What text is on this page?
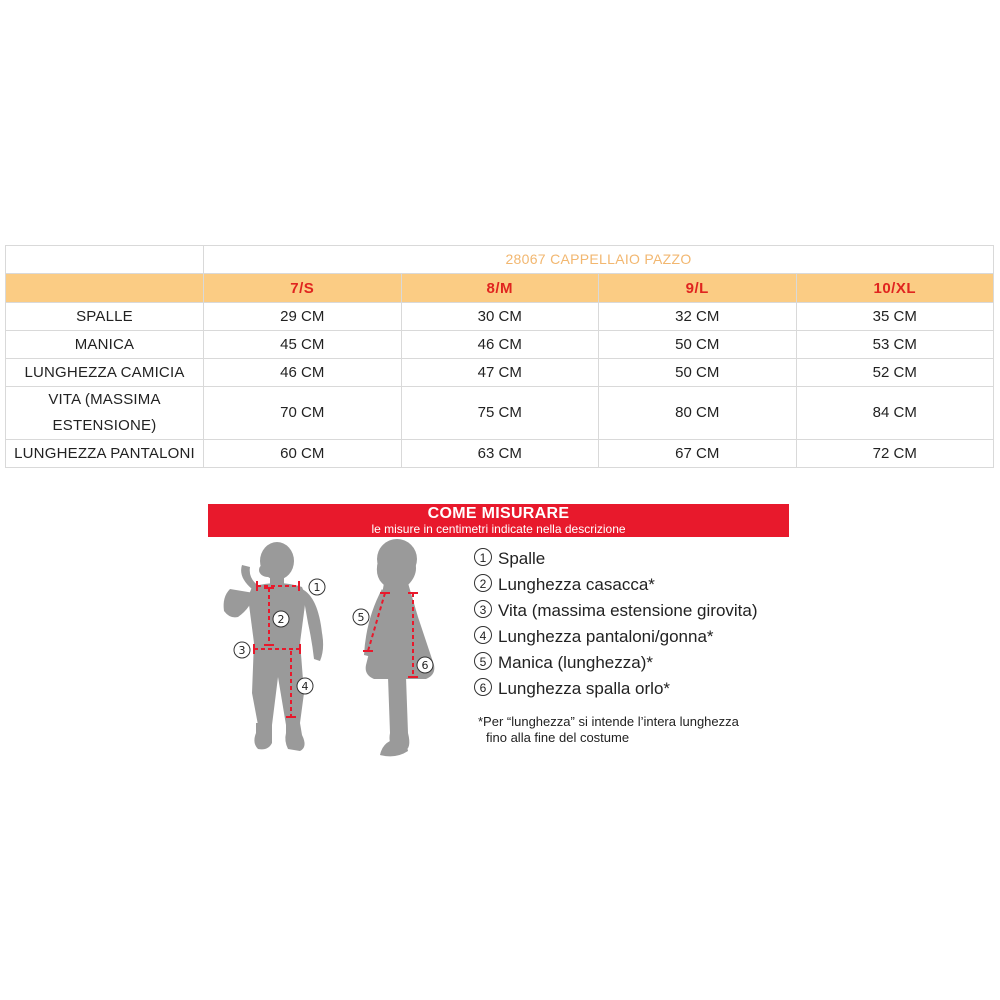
	28067 CAPPELLAIO PAZZO			
	7/S	8/M	9/L	10/XL
SPALLE	29 CM	30 CM	32 CM	35 CM
MANICA	45 CM	46 CM	50 CM	53 CM
LUNGHEZZA CAMICIA	46 CM	47 CM	50 CM	52 CM
VITA (MASSIMA ESTENSIONE)	70 CM	75 CM	80 CM	84 CM
LUNGHEZZA PANTALONI	60 CM	63 CM	67 CM	72 CM
COME MISURARE
le misure in centimetri indicate nella descrizione
1
2
3
4
5
6
1 Spalle
2 Lunghezza casacca*
3 Vita (massima estensione girovita)
4 Lunghezza pantaloni/gonna*
5 Manica (lunghezza)*
6 Lunghezza spalla orlo*
*Per “lunghezza” si intende l’intera lunghezza
fino alla fine del costume
